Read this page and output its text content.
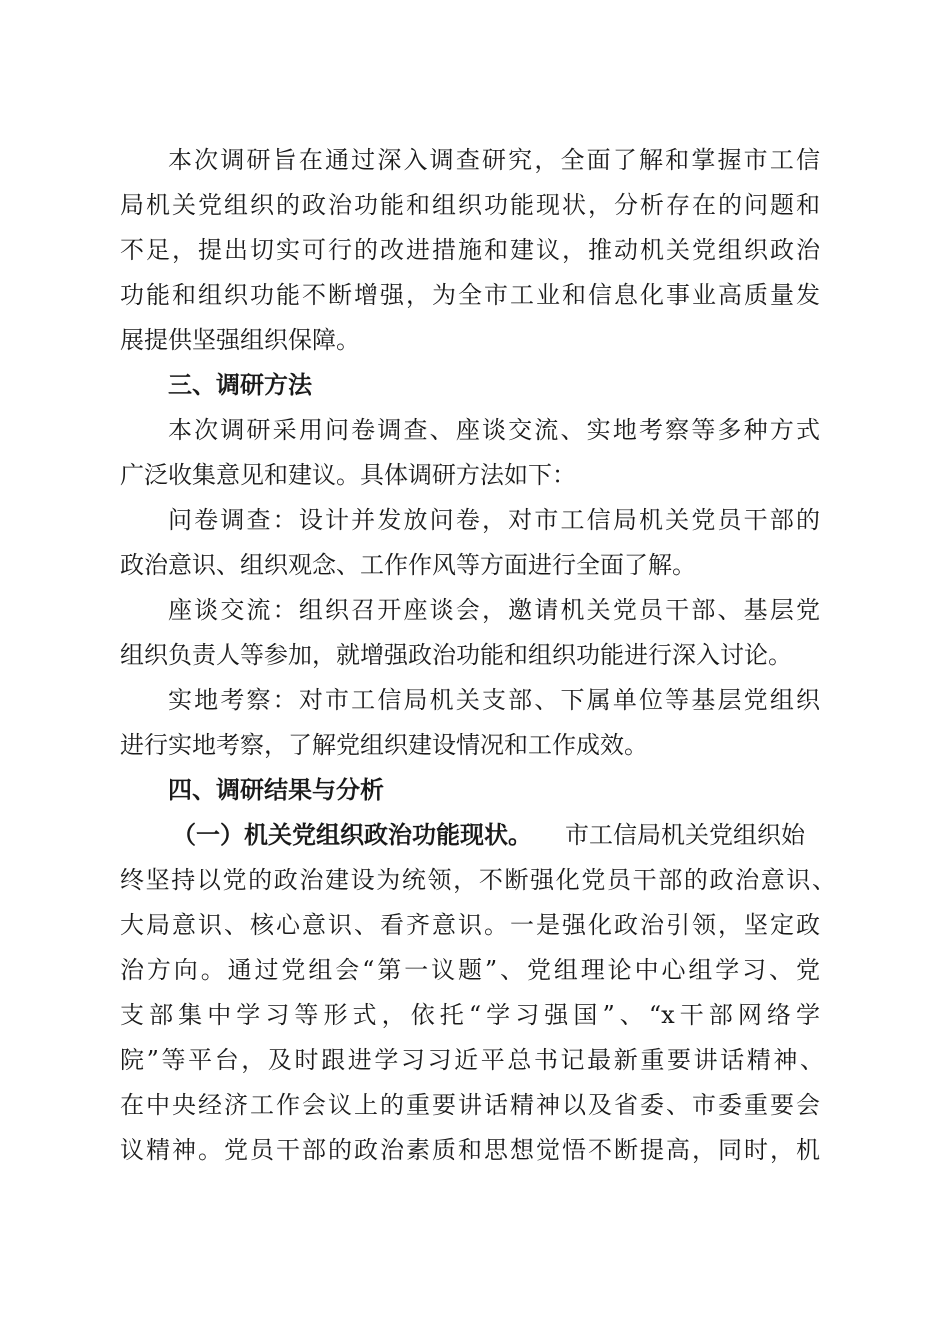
本次调研旨在通过深入调查研究，全面了解和掌握市工信
局机关党组织的政治功能和组织功能现状，分析存在的问题和
不足，提出切实可行的改进措施和建议，推动机关党组织政治
功能和组织功能不断增强，为全市工业和信息化事业高质量发
展提供坚强组织保障。
三、调研方法
本次调研采用问卷调查、座谈交流、实地考察等多种方式
广泛收集意见和建议。具体调研方法如下：
问卷调查：设计并发放问卷，对市工信局机关党员干部的
政治意识、组织观念、工作作风等方面进行全面了解。
座谈交流：组织召开座谈会，邀请机关党员干部、基层党
组织负责人等参加，就增强政治功能和组织功能进行深入讨论。
实地考察：对市工信局机关支部、下属单位等基层党组织
进行实地考察，了解党组织建设情况和工作成效。
四、调研结果与分析
（一）机关党组织政治功能现状。 市工信局机关党组织始
终坚持以党的政治建设为统领，不断强化党员干部的政治意识、
大局意识、核心意识、看齐意识。一是强化政治引领，坚定政
治方向。通过党组会“第一议题”、党组理论中心组学习、党
支部集中学习等形式，依托“学习强国”、“x干部网络学
院”等平台，及时跟进学习习近平总书记最新重要讲话精神、
在中央经济工作会议上的重要讲话精神以及省委、市委重要会
议精神。党员干部的政治素质和思想觉悟不断提高，同时，机
